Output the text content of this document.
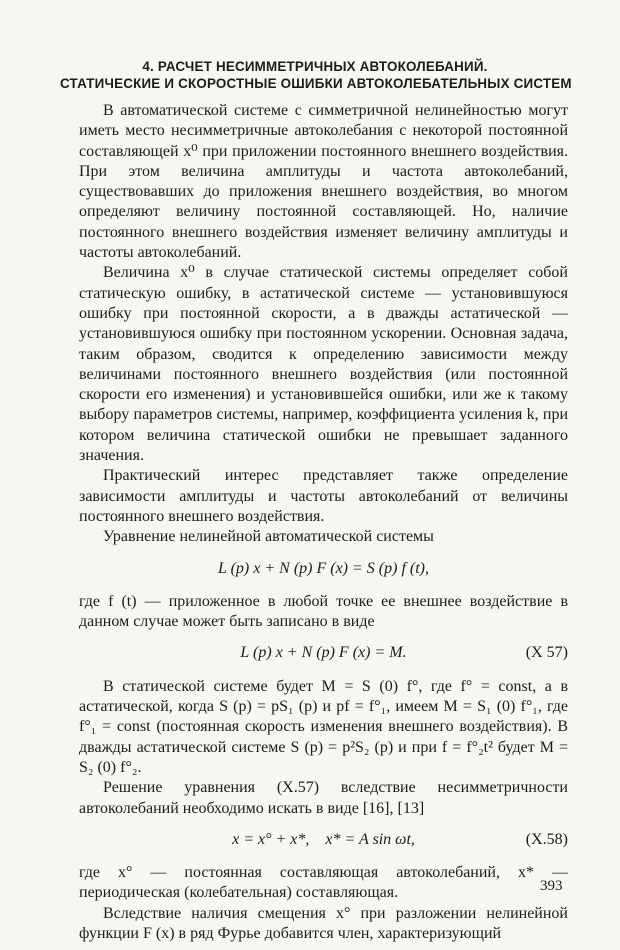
4. РАСЧЕТ НЕСИММЕТРИЧНЫХ АВТОКОЛЕБАНИЙ.
СТАТИЧЕСКИЕ И СКОРОСТНЫЕ ОШИБКИ АВТОКОЛЕБАТЕЛЬНЫХ СИСТЕМ

В автоматической системе с симметричной нелинейностью могут иметь место несимметричные автоколебания с некоторой постоянной составляющей x⁰ при приложении постоянного внешнего воздействия. При этом величина амплитуды и частота автоколебаний, существовавших до приложения внешнего воздействия, во многом определяют величину постоянной составляющей. Но, наличие постоянного внешнего воздействия изменяет величину амплитуды и частоты автоколебаний.

Величина x⁰ в случае статической системы определяет собой статическую ошибку, в астатической системе — установившуюся ошибку при постоянной скорости, а в дважды астатической — установившуюся ошибку при постоянном ускорении. Основная задача, таким образом, сводится к определению зависимости между величинами постоянного внешнего воздействия (или постоянной скорости его изменения) и установившейся ошибки, или же к такому выбору параметров системы, например, коэффициента усиления k, при котором величина статической ошибки не превышает заданного значения.

Практический интерес представляет также определение зависимости амплитуды и частоты автоколебаний от величины постоянного внешнего воздействия.

Уравнение нелинейной автоматической системы

L (p) x + N (p) F (x) = S (p) f (t),

где f (t) — приложенное в любой точке ее внешнее воздействие в данном случае может быть записано в виде

L (p) x + N (p) F (x) = M.	(X 57)

В статической системе будет M = S (0) f°, где f° = const, а в астатической, когда S (p) = pS₁ (p) и pf = f°₁, имеем M = S₁ (0) f°₁, где f°₁ = const (постоянная скорость изменения внешнего воздействия). В дважды астатической системе S (p) = p²S₂ (p) и при f = f°₂t² будет M = S₂ (0) f°₂.

Решение уравнения (X.57) вследствие несимметричности автоколебаний необходимо искать в виде [16], [13]

x = x° + x*,    x* = A sin ωt,	(X.58)

где x° — постоянная составляющая автоколебаний, x* — периодическая (колебательная) составляющая.

Вследствие наличия смещения x° при разложении нелинейной функции F (x) в ряд Фурье добавится член, характеризующий

393
